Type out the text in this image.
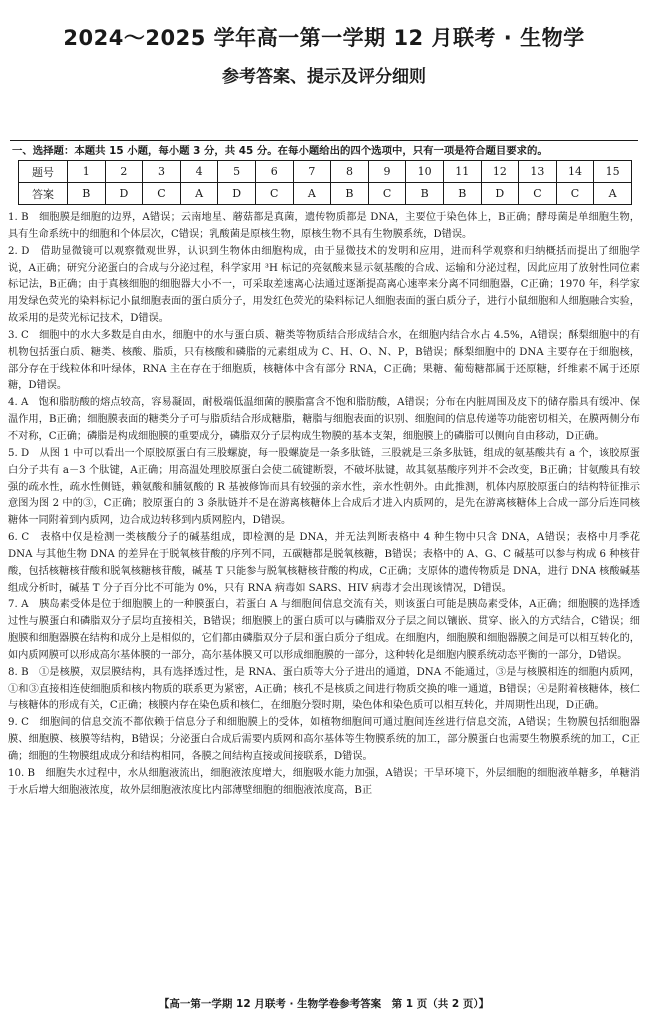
2024～2025 学年高一第一学期 12 月联考 · 生物学
参考答案、提示及评分细则
一、选择题：本题共 15 小题，每小题 3 分，共 45 分。在每小题给出的四个选项中，只有一项是符合题目要求的。
题号	1	2	3	4	5	6	7	8	9	10	11	12	13	14	15
答案	B	D	C	A	D	C	A	B	C	B	B	D	C	C	A

1. B　细胞膜是细胞的边界，A错误；云南地星、蘑菇都是真菌，遗传物质都是 DNA，主要位于染色体上，B正确；酵母菌是单细胞生物，具有生命系统中的细胞和个体层次，C错误；乳酸菌是原核生物，原核生物不具有生物膜系统，D错误。

2. D　借助显微镜可以观察微观世界，认识到生物体由细胞构成，由于显微技术的发明和应用，进而科学观察和归纳概括而提出了细胞学说，A正确；研究分泌蛋白的合成与分泌过程，科学家用 ³H 标记的亮氨酸来显示氨基酸的合成、运输和分泌过程，因此应用了放射性同位素标记法，B正确；由于真核细胞的细胞器大小不一，可采取差速离心法通过逐渐提高离心速率来分离不同细胞器，C正确；1970 年，科学家用发绿色荧光的染料标记小鼠细胞表面的蛋白质分子，用发红色荧光的染料标记人细胞表面的蛋白质分子，进行小鼠细胞和人细胞融合实验，故采用的是荧光标记技术，D错误。

3. C　细胞中的水大多数是自由水，细胞中的水与蛋白质、糖类等物质结合形成结合水，在细胞内结合水占 4.5%，A错误；酥梨细胞中的有机物包括蛋白质、糖类、核酸、脂质，只有核酸和磷脂的元素组成为 C、H、O、N、P，B错误；酥梨细胞中的 DNA 主要存在于细胞核，部分存在于线粒体和叶绿体，RNA 主在存在于细胞质，核糖体中含有部分 RNA，C正确；果糖、葡萄糖都属于还原糖，纤维素不属于还原糖，D错误。

4. A　饱和脂肪酸的熔点较高，容易凝固，耐极端低温细菌的膜脂富含不饱和脂肪酸，A错误；分布在内脏周围及皮下的储存脂具有缓冲、保温作用，B正确；细胞膜表面的糖类分子可与脂质结合形成糖脂，糖脂与细胞表面的识别、细胞间的信息传递等功能密切相关，在膜两侧分布不对称，C正确；磷脂是构成细胞膜的重要成分，磷脂双分子层构成生物膜的基本支架，细胞膜上的磷脂可以侧向自由移动，D正确。

5. D　从图 1 中可以看出一个原胶原蛋白有三股螺旋，每一股螺旋是一条多肽链，三股就是三条多肽链，组成的氨基酸共有 a 个，该胶原蛋白分子共有 a－3 个肽键，A正确；用高温处理胶原蛋白会使二硫键断裂，不破坏肽键，故其氨基酸序列并不会改变，B正确；甘氨酸具有较强的疏水性，疏水性侧链，赖氨酸和脯氨酸的 R 基被修饰而具有较强的亲水性，亲水性朝外。由此推测，机体内原胶原蛋白的结构特征推示意图为图 2 中的③，C正确；胶原蛋白的 3 条肽链并不是在游离核糖体上合成后才进入内质网的，是先在游离核糖体上合成一部分后连同核糖体一同附着到内质网，边合成边转移到内质网腔内，D错误。

6. C　表格中仅是检测一类核酸分子的碱基组成，即检测的是 DNA，并无法判断表格中 4 种生物中只含 DNA，A错误；表格中月季花 DNA 与其他生物 DNA 的差异在于脱氧核苷酸的序列不同，五碳糖都是脱氧核糖，B错误；表格中的 A、G、C 碱基可以参与构成 6 种核苷酸，包括核糖核苷酸和脱氧核糖核苷酸，碱基 T 只能参与脱氧核糖核苷酸的构成，C正确；支原体的遗传物质是 DNA，进行 DNA 核酸碱基组成分析时，碱基 T 分子百分比不可能为 0%，只有 RNA 病毒如 SARS、HIV 病毒才会出现该情况，D错误。

7. A　胰岛素受体是位于细胞膜上的一种膜蛋白，若蛋白 A 与细胞间信息交流有关，则该蛋白可能是胰岛素受体，A正确；细胞膜的选择透过性与膜蛋白和磷脂双分子层均直接相关，B错误；细胞膜上的蛋白质可以与磷脂双分子层之间以镶嵌、贯穿、嵌入的方式结合，C错误；细胞膜和细胞器膜在结构和成分上是相似的，它们都由磷脂双分子层和蛋白质分子组成。在细胞内，细胞膜和细胞器膜之间是可以相互转化的，如内质网膜可以形成高尔基体膜的一部分，高尔基体膜又可以形成细胞膜的一部分，这种转化是细胞内膜系统动态平衡的一部分，D错误。

8. B　①是核膜，双层膜结构，具有选择透过性，是 RNA、蛋白质等大分子进出的通道，DNA 不能通过，③是与核膜相连的细胞内质网，①和③直接相连使细胞质和核内物质的联系更为紧密，A正确；核孔不是核质之间进行物质交换的唯一通道，B错误；④是附着核糖体，核仁与核糖体的形成有关，C正确；核膜内存在染色质和核仁，在细胞分裂时期，染色体和染色质可以相互转化，并周期性出现，D正确。

9. C　细胞间的信息交流不都依赖于信息分子和细胞膜上的受体，如植物细胞间可通过胞间连丝进行信息交流，A错误；生物膜包括细胞器膜、细胞膜、核膜等结构，B错误；分泌蛋白合成后需要内质网和高尔基体等生物膜系统的加工，部分膜蛋白也需要生物膜系统的加工，C正确；细胞的生物膜组成成分和结构相同，各膜之间结构直接或间接联系，D错误。

10. B　细胞失水过程中，水从细胞液流出，细胞液浓度增大，细胞吸水能力加强，A错误；干旱环境下，外层细胞的细胞液单糖多，单糖消于水后增大细胞液浓度，故外层细胞液浓度比内部薄壁细胞的细胞液浓度高，B正

【高一第一学期 12 月联考 · 生物学卷参考答案　第 1 页（共 2 页）】
